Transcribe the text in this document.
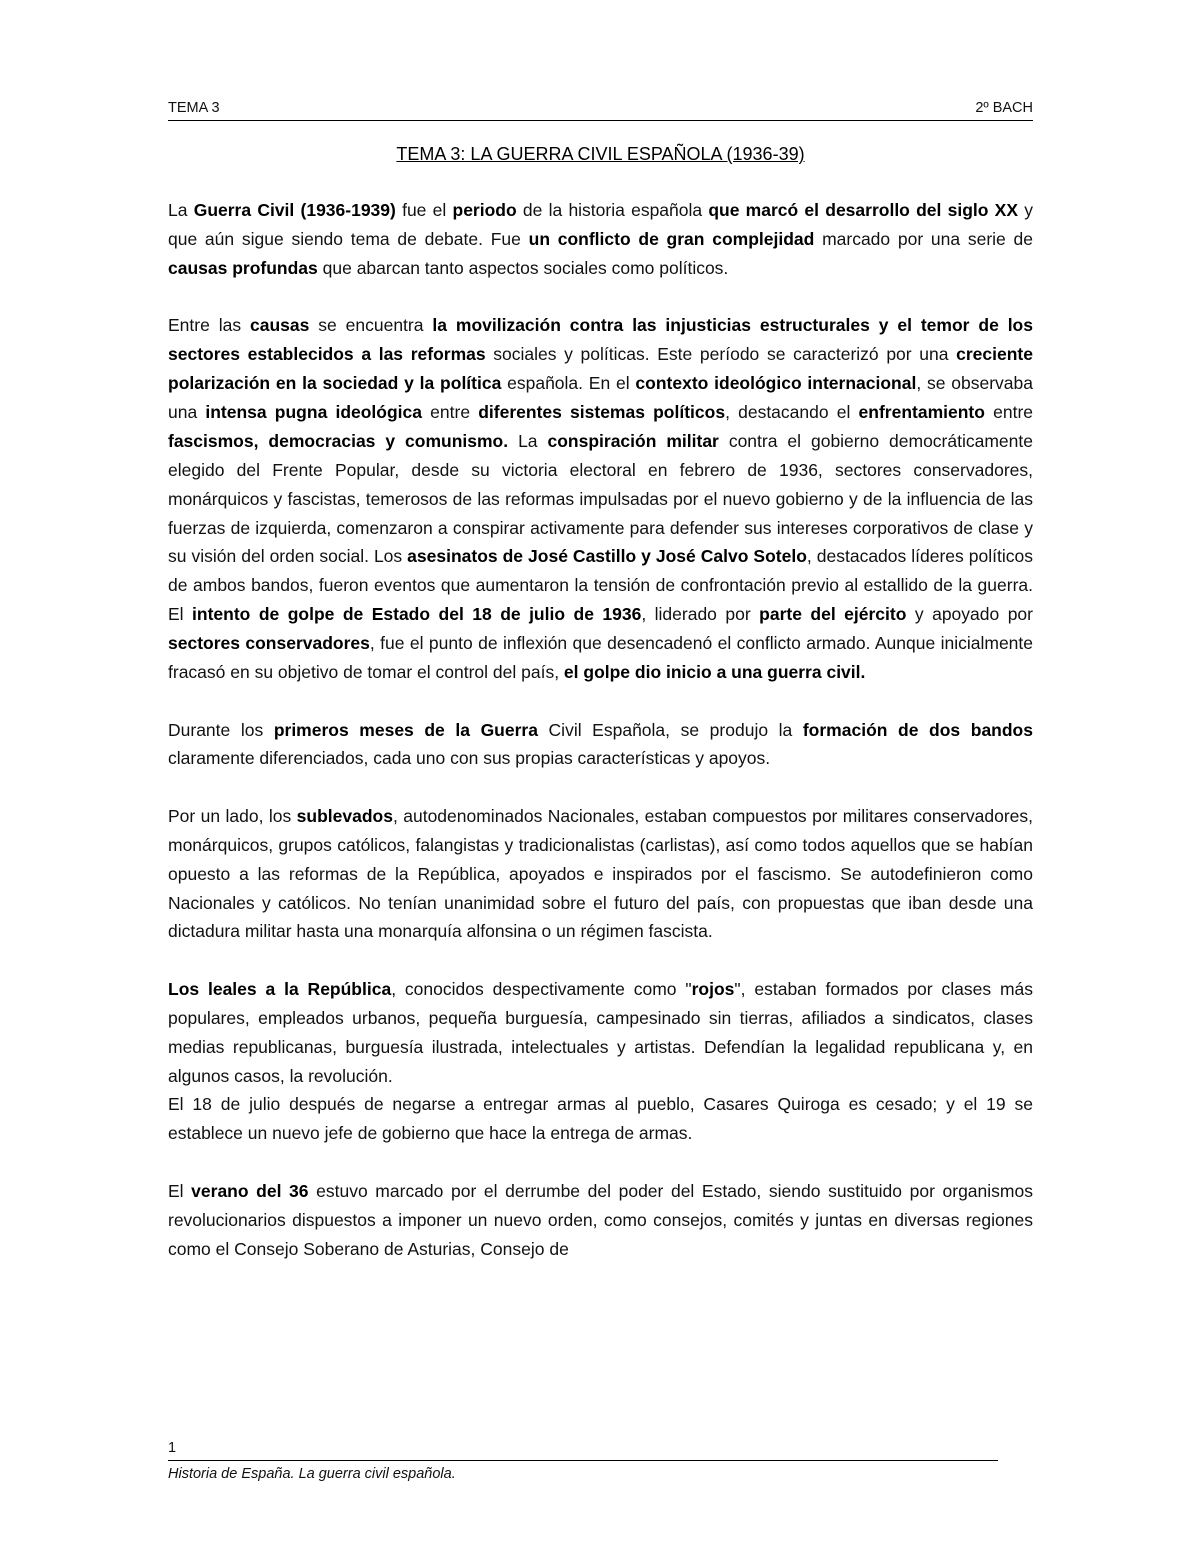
TEMA 3	2º BACH
TEMA 3: LA GUERRA CIVIL ESPAÑOLA (1936-39)

La Guerra Civil (1936-1939) fue el periodo de la historia española que marcó el desarrollo del siglo XX y que aún sigue siendo tema de debate. Fue un conflicto de gran complejidad marcado por una serie de causas profundas que abarcan tanto aspectos sociales como políticos.

Entre las causas se encuentra la movilización contra las injusticias estructurales y el temor de los sectores establecidos a las reformas sociales y políticas. Este período se caracterizó por una creciente polarización en la sociedad y la política española. En el contexto ideológico internacional, se observaba una intensa pugna ideológica entre diferentes sistemas políticos, destacando el enfrentamiento entre fascismos, democracias y comunismo. La conspiración militar contra el gobierno democráticamente elegido del Frente Popular, desde su victoria electoral en febrero de 1936, sectores conservadores, monárquicos y fascistas, temerosos de las reformas impulsadas por el nuevo gobierno y de la influencia de las fuerzas de izquierda, comenzaron a conspirar activamente para defender sus intereses corporativos de clase y su visión del orden social. Los asesinatos de José Castillo y José Calvo Sotelo, destacados líderes políticos de ambos bandos, fueron eventos que aumentaron la tensión de confrontación previo al estallido de la guerra. El intento de golpe de Estado del 18 de julio de 1936, liderado por parte del ejército y apoyado por sectores conservadores, fue el punto de inflexión que desencadenó el conflicto armado. Aunque inicialmente fracasó en su objetivo de tomar el control del país, el golpe dio inicio a una guerra civil.

Durante los primeros meses de la Guerra Civil Española, se produjo la formación de dos bandos claramente diferenciados, cada uno con sus propias características y apoyos.

Por un lado, los sublevados, autodenominados Nacionales, estaban compuestos por militares conservadores, monárquicos, grupos católicos, falangistas y tradicionalistas (carlistas), así como todos aquellos que se habían opuesto a las reformas de la República, apoyados e inspirados por el fascismo. Se autodefinieron como Nacionales y católicos. No tenían unanimidad sobre el futuro del país, con propuestas que iban desde una dictadura militar hasta una monarquía alfonsina o un régimen fascista.

Los leales a la República, conocidos despectivamente como "rojos", estaban formados por clases más populares, empleados urbanos, pequeña burguesía, campesinado sin tierras, afiliados a sindicatos, clases medias republicanas, burguesía ilustrada, intelectuales y artistas. Defendían la legalidad republicana y, en algunos casos, la revolución.

El 18 de julio después de negarse a entregar armas al pueblo, Casares Quiroga es cesado; y el 19 se establece un nuevo jefe de gobierno que hace la entrega de armas.

El verano del 36 estuvo marcado por el derrumbe del poder del Estado, siendo sustituido por organismos revolucionarios dispuestos a imponer un nuevo orden, como consejos, comités y juntas en diversas regiones como el Consejo Soberano de Asturias, Consejo de

1
Historia de España. La guerra civil española.
